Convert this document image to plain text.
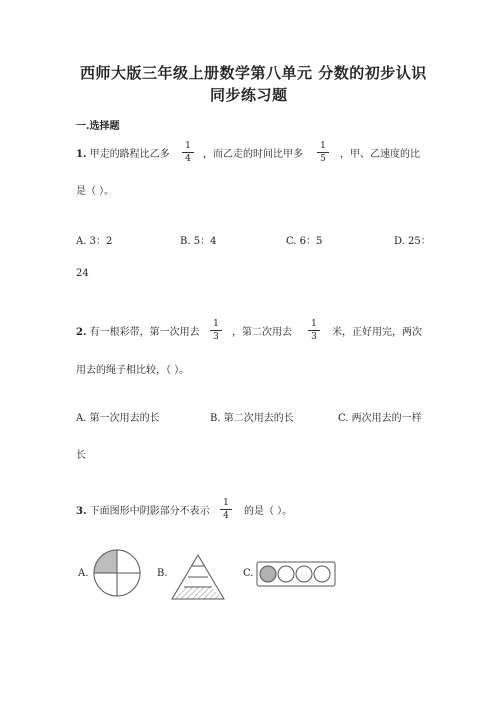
西师大版三年级上册数学第八单元 分数的初步认识
同步练习题
一.选择题
1. 甲走的路程比乙多
1
4	，而乙走的时间比甲多
1
5	，甲、乙速度的比
是（ ）。
A. 3：2	B. 5：4	C. 6：5	D. 25：
24
2. 有一根彩带，第一次用去
1
3	，第二次用去
1
3	米，正好用完，两次
用去的绳子相比较，（ ）。
A. 第一次用去的长	B. 第二次用去的长	C. 两次用去的一样
长
3. 下面图形中阴影部分不表示
1
4	的是（ ）。
A.	B.	C.
